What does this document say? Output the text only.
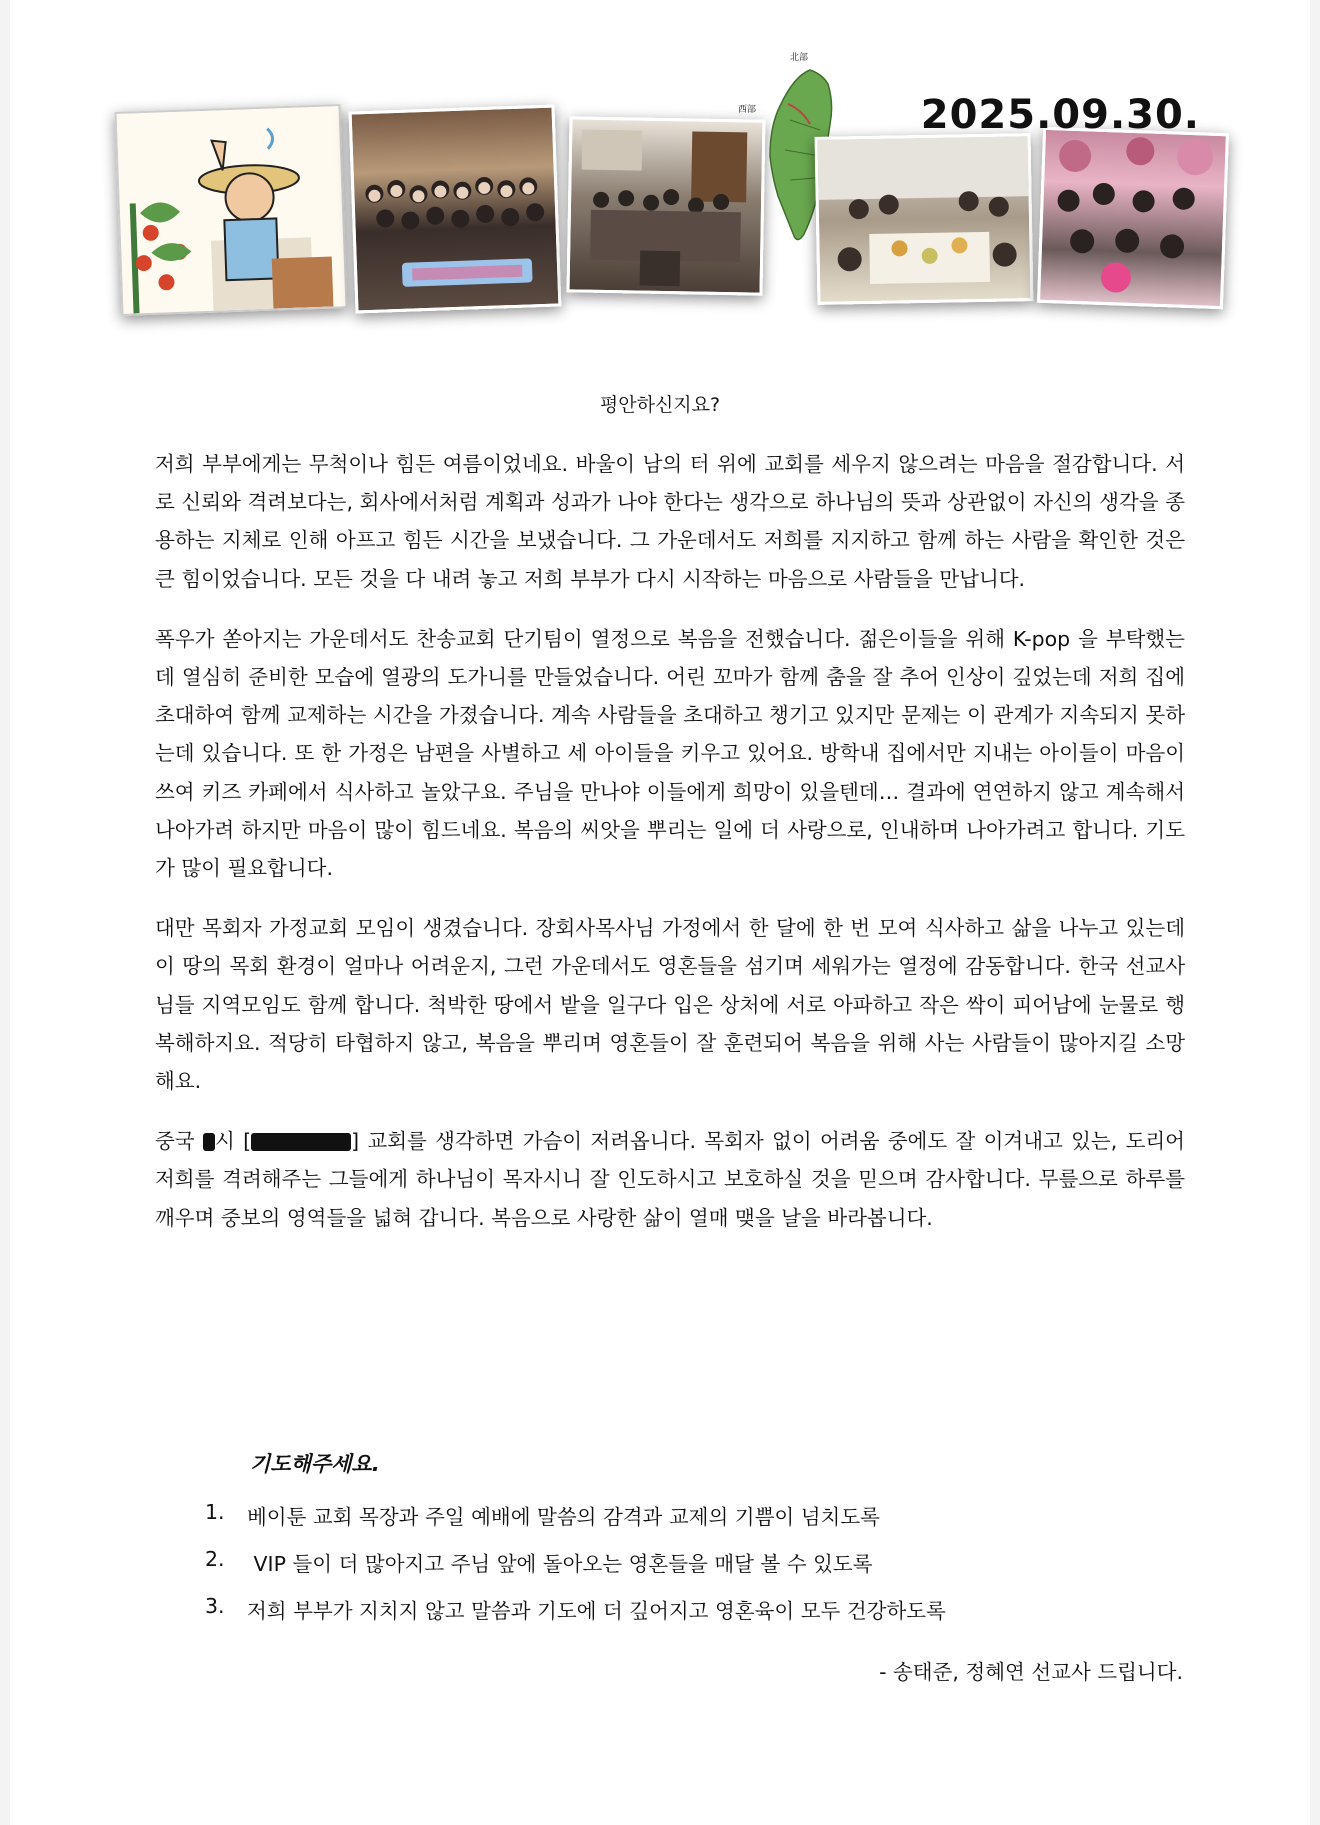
北部
西部	2025.09.30.
평안하신지요?

저희 부부에게는 무척이나 힘든 여름이었네요. 바울이 남의 터 위에 교회를 세우지 않으려는 마음을 절감합니다. 서로 신뢰와 격려보다는, 회사에서처럼 계획과 성과가 나야 한다는 생각으로 하나님의 뜻과 상관없이 자신의 생각을 종용하는 지체로 인해 아프고 힘든 시간을 보냈습니다. 그 가운데서도 저희를 지지하고 함께 하는 사람을 확인한 것은 큰 힘이었습니다. 모든 것을 다 내려 놓고 저희 부부가 다시 시작하는 마음으로 사람들을 만납니다.

폭우가 쏟아지는 가운데서도 찬송교회 단기팀이 열정으로 복음을 전했습니다. 젊은이들을 위해 K-pop 을 부탁했는데 열심히 준비한 모습에 열광의 도가니를 만들었습니다. 어린 꼬마가 함께 춤을 잘 추어 인상이 깊었는데 저희 집에 초대하여 함께 교제하는 시간을 가졌습니다. 계속 사람들을 초대하고 챙기고 있지만 문제는 이 관계가 지속되지 못하는데 있습니다. 또 한 가정은 남편을 사별하고 세 아이들을 키우고 있어요. 방학내 집에서만 지내는 아이들이 마음이 쓰여 키즈 카페에서 식사하고 놀았구요. 주님을 만나야 이들에게 희망이 있을텐데… 결과에 연연하지 않고 계속해서 나아가려 하지만 마음이 많이 힘드네요. 복음의 씨앗을 뿌리는 일에 더 사랑으로, 인내하며 나아가려고 합니다. 기도가 많이 필요합니다.

대만 목회자 가정교회 모임이 생겼습니다. 장회사목사님 가정에서 한 달에 한 번 모여 식사하고 삶을 나누고 있는데 이 땅의 목회 환경이 얼마나 어려운지, 그런 가운데서도 영혼들을 섬기며 세워가는 열정에 감동합니다. 한국 선교사님들 지역모임도 함께 합니다. 척박한 땅에서 밭을 일구다 입은 상처에 서로 아파하고 작은 싹이 피어남에 눈물로 행복해하지요. 적당히 타협하지 않고, 복음을 뿌리며 영혼들이 잘 훈련되어 복음을 위해 사는 사람들이 많아지길 소망해요.

중국 시 [	] 교회를 생각하면 가슴이 저려옵니다. 목회자 없이 어려움 중에도 잘 이겨내고 있는, 도리어 저희를 격려해주는 그들에게 하나님이 목자시니 잘 인도하시고 보호하실 것을 믿으며 감사합니다. 무릎으로 하루를 깨우며 중보의 영역들을 넓혀 갑니다. 복음으로 사랑한 삶이 열매 맺을 날을 바라봅니다.

기도해주세요.
1.	베이툰 교회 목장과 주일 예배에 말씀의 감격과 교제의 기쁨이 넘치도록
2.	VIP 들이 더 많아지고 주님 앞에 돌아오는 영혼들을 매달 볼 수 있도록
3.	저희 부부가 지치지 않고 말씀과 기도에 더 깊어지고 영혼육이 모두 건강하도록
- 송태준, 정혜연 선교사 드립니다.
